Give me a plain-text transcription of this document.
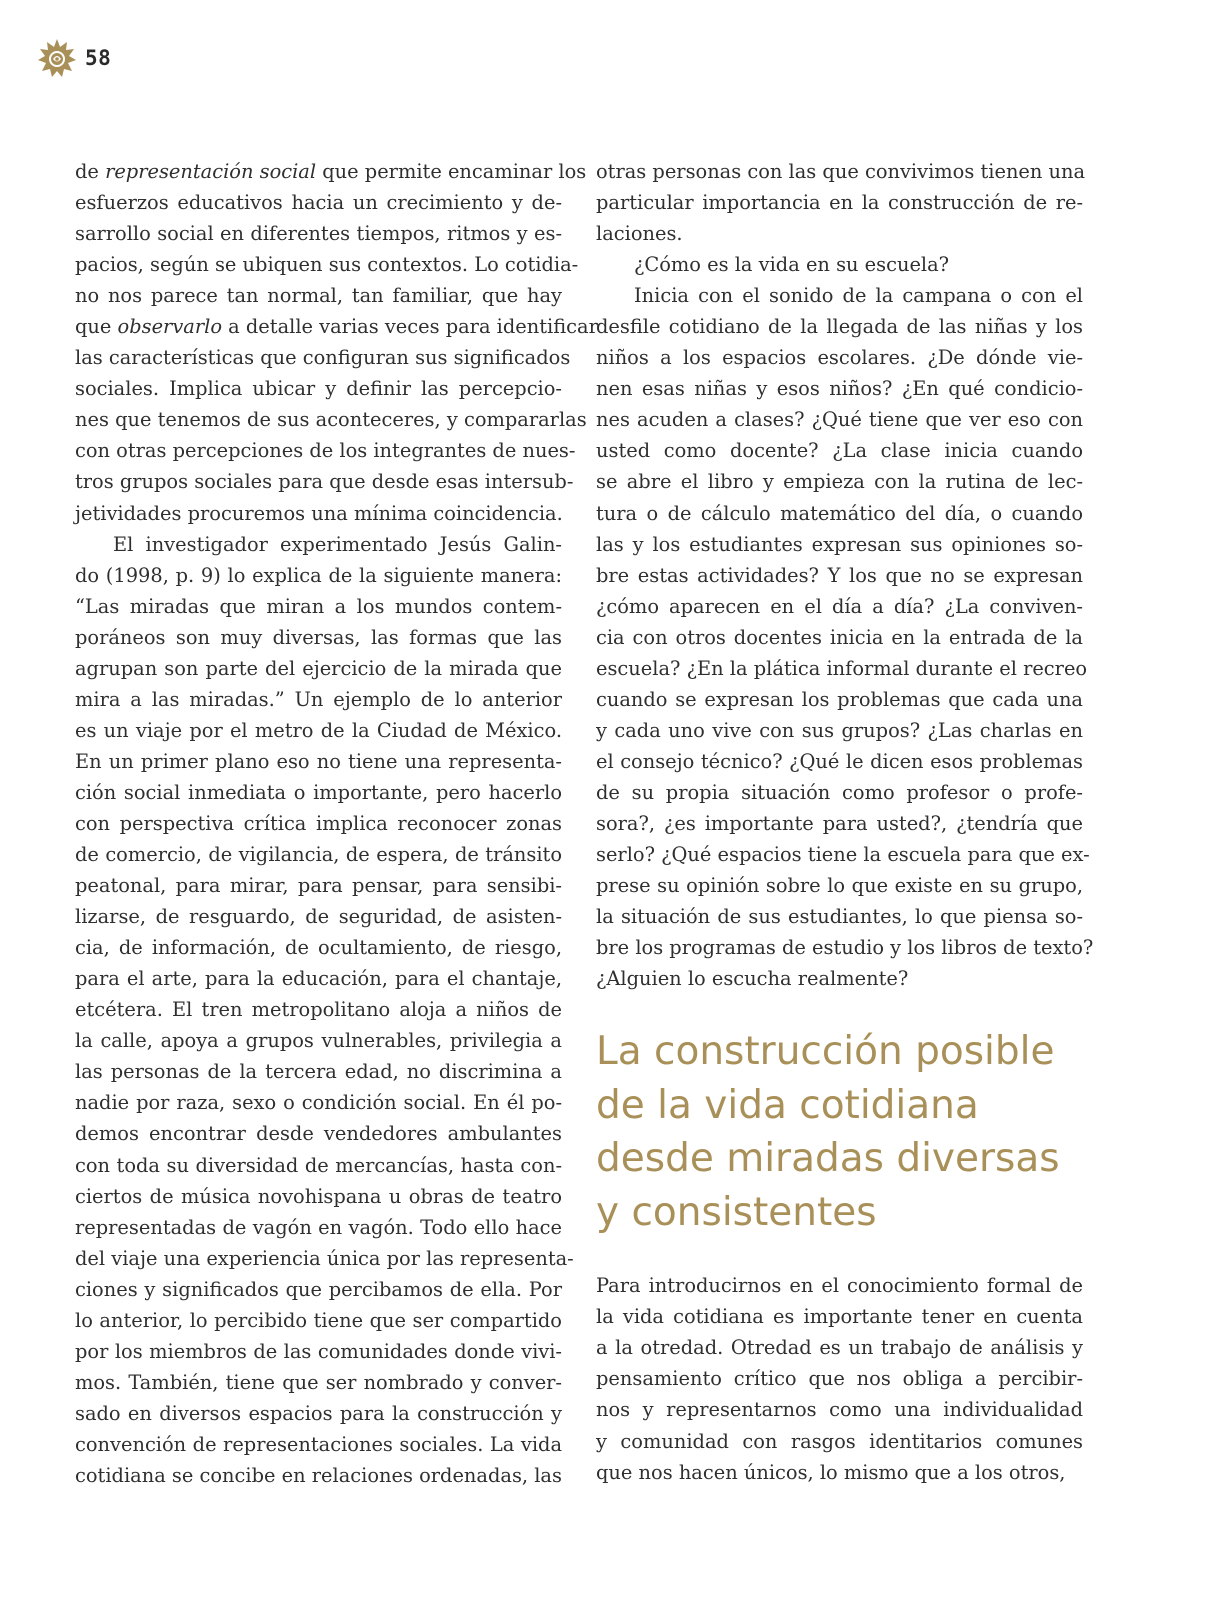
58

de representación social que permite encaminar los
esfuerzos educativos hacia un crecimiento y de-
sarrollo social en diferentes tiempos, ritmos y es-
pacios, según se ubiquen sus contextos. Lo cotidia-
no nos parece tan normal, tan familiar, que hay
que observarlo a detalle varias veces para identificar
las características que configuran sus significados
sociales. Implica ubicar y definir las percepcio-
nes que tenemos de sus aconteceres, y compararlas
con otras percepciones de los integrantes de nues-
tros grupos sociales para que desde esas intersub-
jetividades procuremos una mínima coincidencia.

El investigador experimentado Jesús Galin-
do (1998, p. 9) lo explica de la siguiente manera:
“Las miradas que miran a los mundos contem-
poráneos son muy diversas, las formas que las
agrupan son parte del ejercicio de la mirada que
mira a las miradas.” Un ejemplo de lo anterior
es un viaje por el metro de la Ciudad de México.
En un primer plano eso no tiene una representa-
ción social inmediata o importante, pero hacerlo
con perspectiva crítica implica reconocer zonas
de comercio, de vigilancia, de espera, de tránsito
peatonal, para mirar, para pensar, para sensibi-
lizarse, de resguardo, de seguridad, de asisten-
cia, de información, de ocultamiento, de riesgo,
para el arte, para la educación, para el chantaje,
etcétera. El tren metropolitano aloja a niños de
la calle, apoya a grupos vulnerables, privilegia a
las personas de la tercera edad, no discrimina a
nadie por raza, sexo o condición social. En él po-
demos encontrar desde vendedores ambulantes
con toda su diversidad de mercancías, hasta con-
ciertos de música novohispana u obras de teatro
representadas de vagón en vagón. Todo ello hace
del viaje una experiencia única por las representa-
ciones y significados que percibamos de ella. Por
lo anterior, lo percibido tiene que ser compartido
por los miembros de las comunidades donde vivi-
mos. También, tiene que ser nombrado y conver-
sado en diversos espacios para la construcción y
convención de representaciones sociales. La vida
cotidiana se concibe en relaciones ordenadas, las

otras personas con las que convivimos tienen una
particular importancia en la construcción de re-
laciones.

¿Cómo es la vida en su escuela?

Inicia con el sonido de la campana o con el
desfile cotidiano de la llegada de las niñas y los
niños a los espacios escolares. ¿De dónde vie-
nen esas niñas y esos niños? ¿En qué condicio-
nes acuden a clases? ¿Qué tiene que ver eso con
usted como docente? ¿La clase inicia cuando
se abre el libro y empieza con la rutina de lec-
tura o de cálculo matemático del día, o cuando
las y los estudiantes expresan sus opiniones so-
bre estas actividades? Y los que no se expresan
¿cómo aparecen en el día a día? ¿La conviven-
cia con otros docentes inicia en la entrada de la
escuela? ¿En la plática informal durante el recreo
cuando se expresan los problemas que cada una
y cada uno vive con sus grupos? ¿Las charlas en
el consejo técnico? ¿Qué le dicen esos problemas
de su propia situación como profesor o profe-
sora?, ¿es importante para usted?, ¿tendría que
serlo? ¿Qué espacios tiene la escuela para que ex-
prese su opinión sobre lo que existe en su grupo,
la situación de sus estudiantes, lo que piensa so-
bre los programas de estudio y los libros de texto?
¿Alguien lo escucha realmente?

La construcción posible
de la vida cotidiana
desde miradas diversas
y consistentes

Para introducirnos en el conocimiento formal de
la vida cotidiana es importante tener en cuenta
a la otredad. Otredad es un trabajo de análisis y
pensamiento crítico que nos obliga a percibir-
nos y representarnos como una individualidad
y comunidad con rasgos identitarios comunes
que nos hacen únicos, lo mismo que a los otros,
